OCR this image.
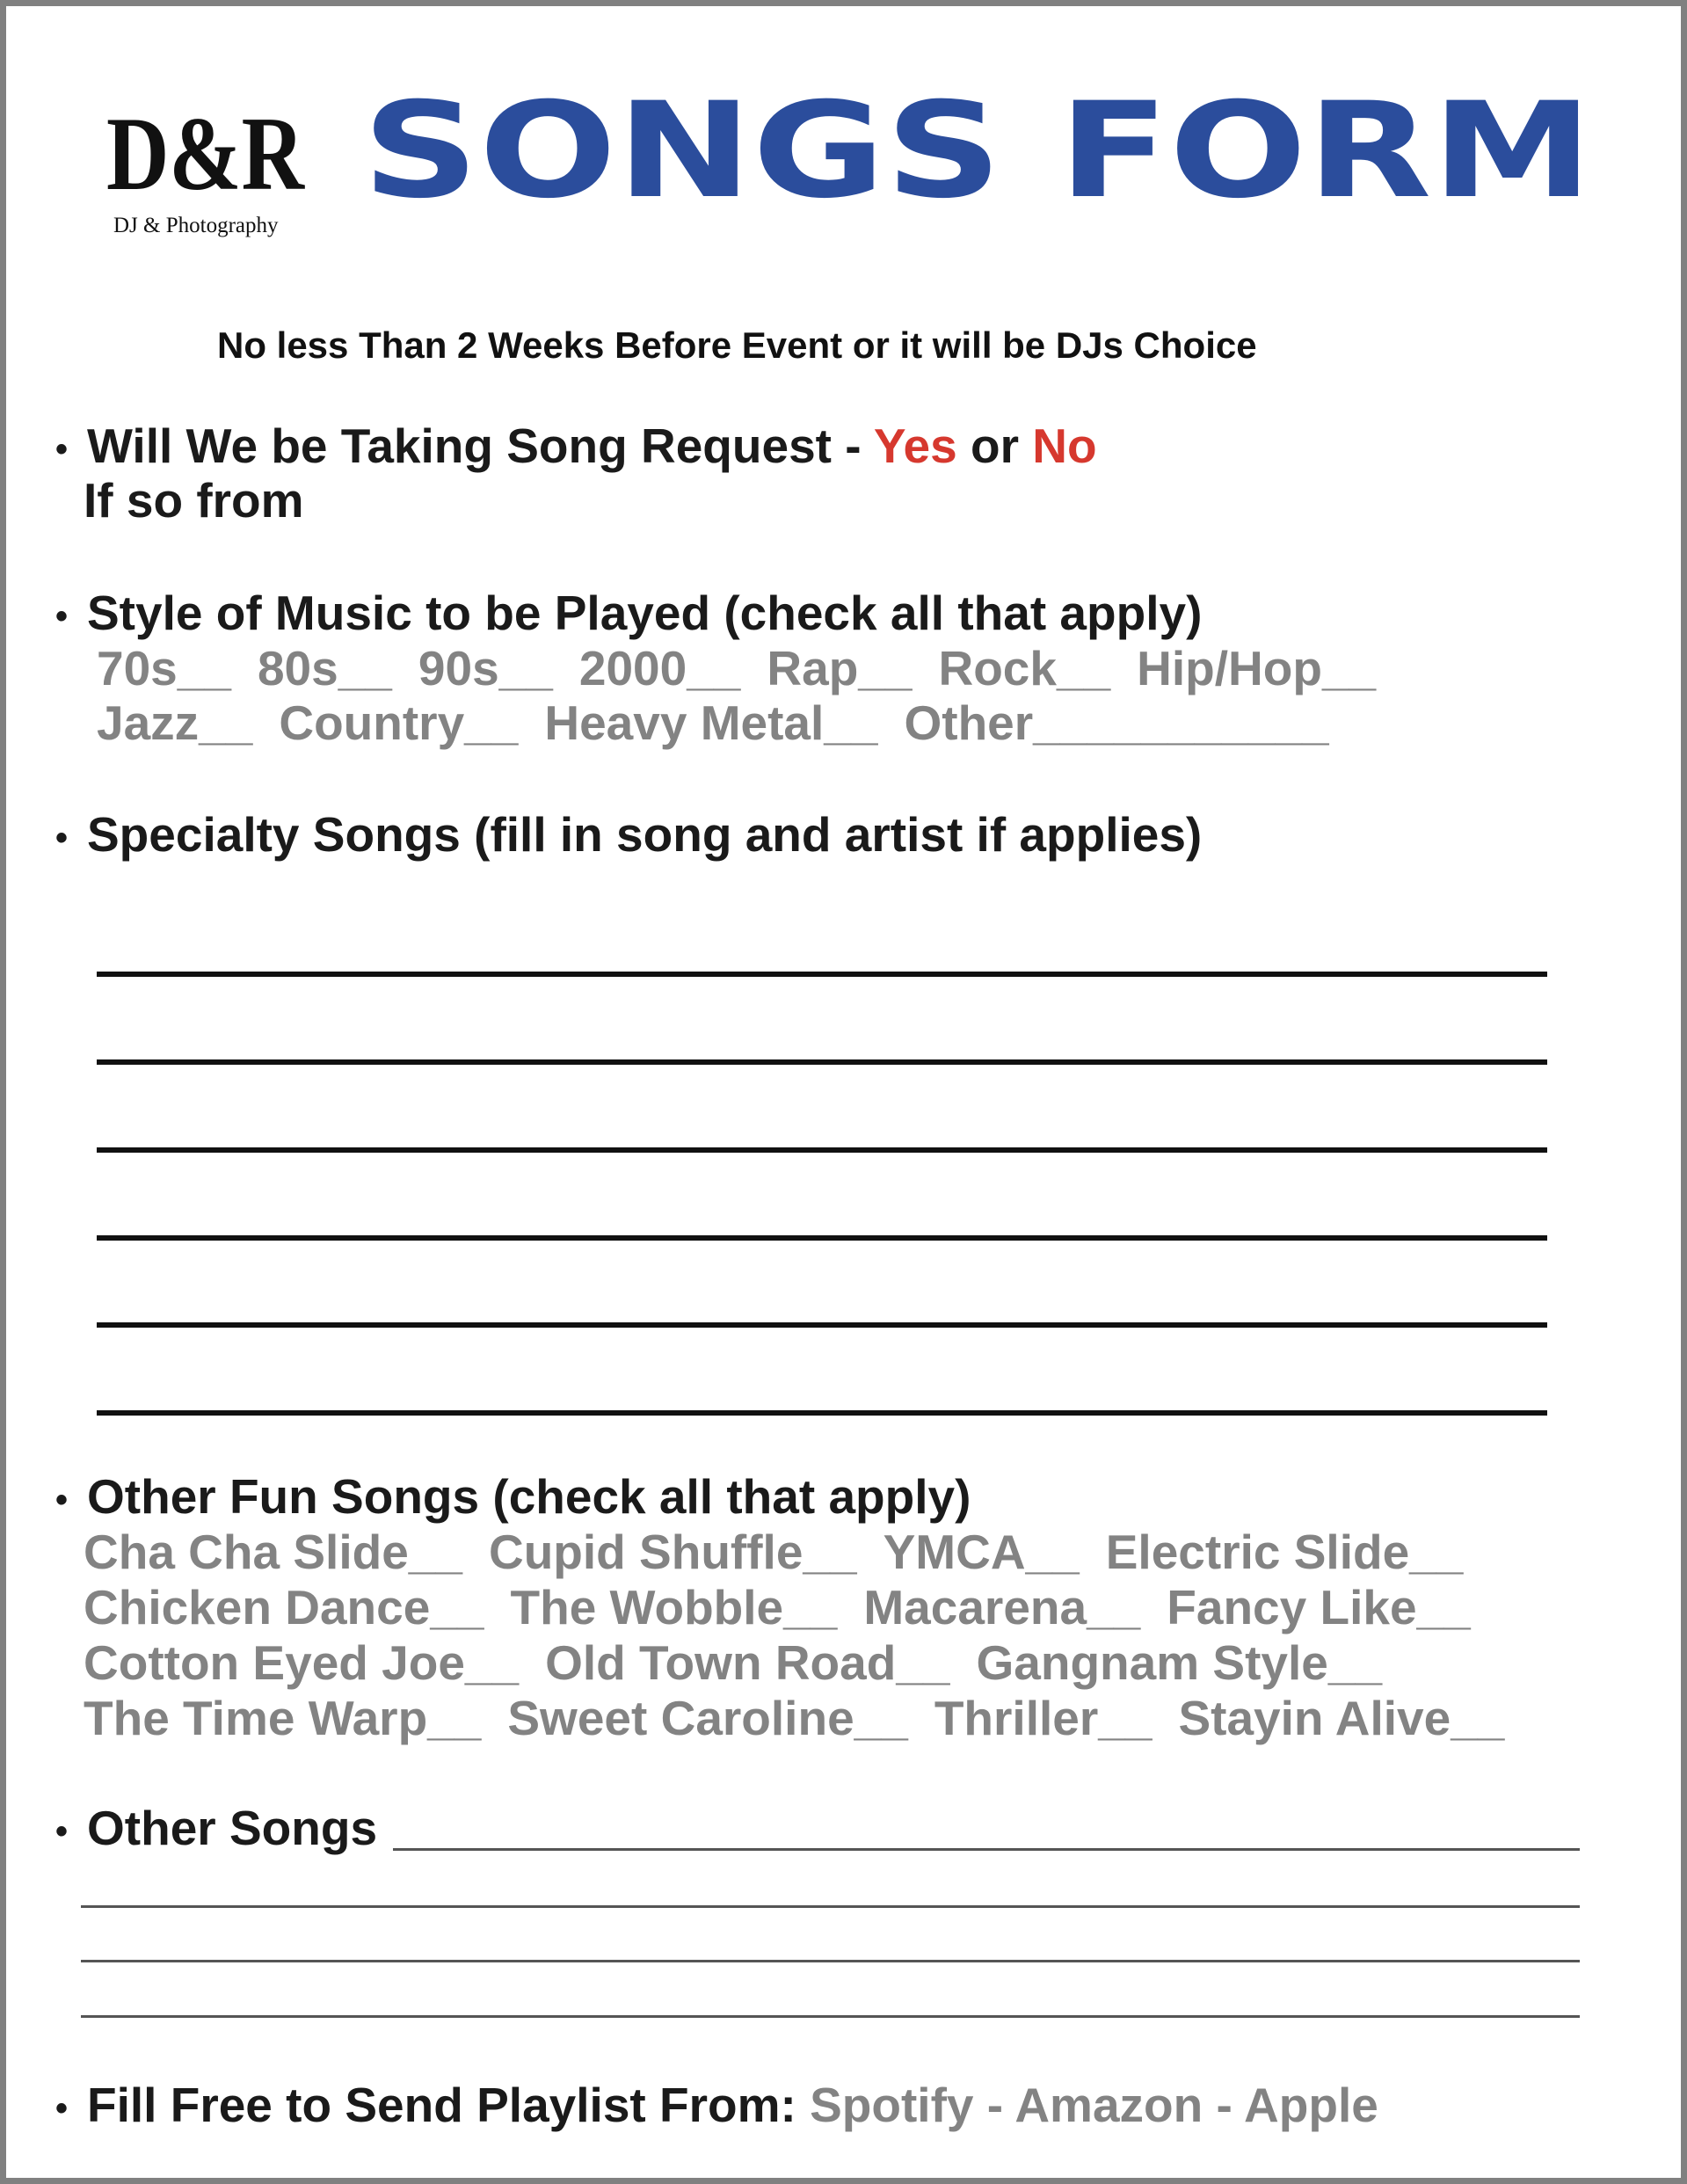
D&R
DJ & Photography SONGS FORM
No less Than 2 Weeks Before Event or it will be DJs Choice
• Will We be Taking Song Request - Yes or No
If so from
• Style of Music to be Played (check all that apply)
70s__ 80s__ 90s__ 2000__ Rap__ Rock__ Hip/Hop__
Jazz__ Country__ Heavy Metal__ Other___________
• Specialty Songs (fill in song and artist if applies)
• Other Fun Songs (check all that apply)
Cha Cha Slide__ Cupid Shuffle__ YMCA__ Electric Slide__
Chicken Dance__ The Wobble__ Macarena__ Fancy Like__
Cotton Eyed Joe__ Old Town Road__ Gangnam Style__
The Time Warp__ Sweet Caroline__ Thriller__ Stayin Alive__
• Other Songs
• Fill Free to Send Playlist From: Spotify - Amazon - Apple
